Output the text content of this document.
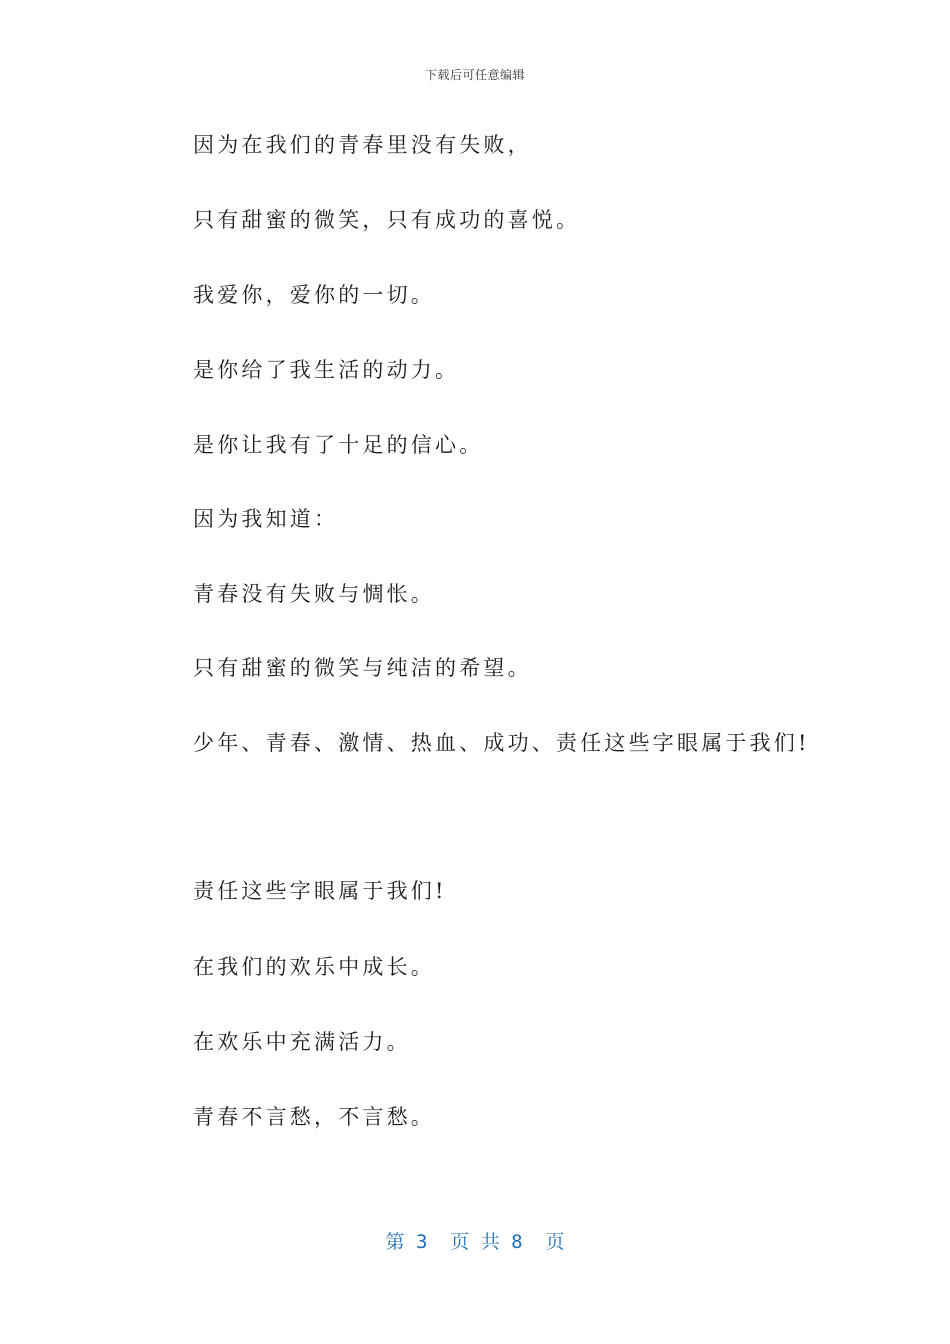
下载后可任意编辑
因为在我们的青春里没有失败，
只有甜蜜的微笑，只有成功的喜悦。
我爱你，爱你的一切。
是你给了我生活的动力。
是你让我有了十足的信心。
因为我知道：
青春没有失败与惆怅。
只有甜蜜的微笑与纯洁的希望。
少年、青春、激情、热血、成功、责任这些字眼属于我们!
责任这些字眼属于我们!
在我们的欢乐中成长。
在欢乐中充满活力。
青春不言愁，不言愁。
第 3  页 共 8  页
